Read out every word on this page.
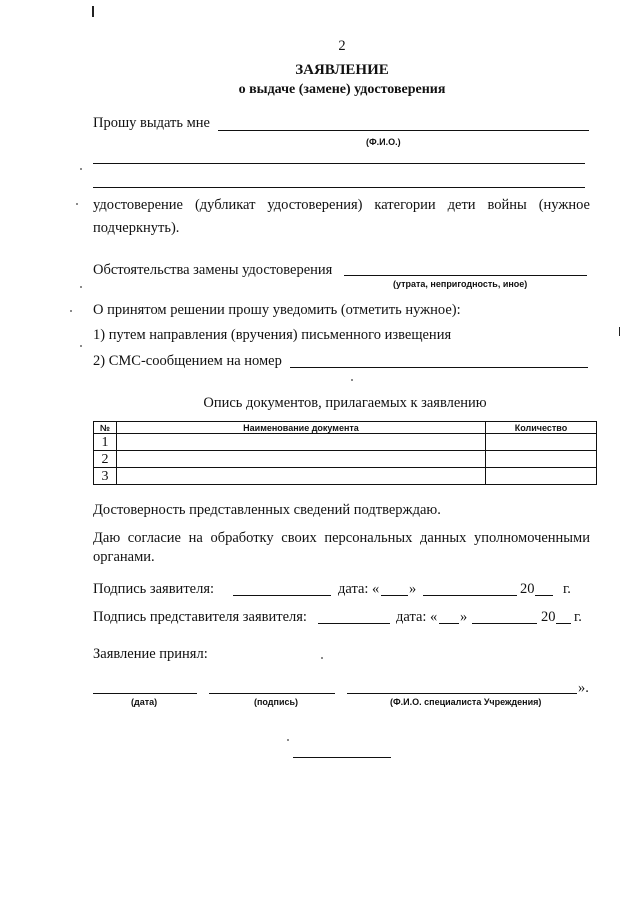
2
ЗАЯВЛЕНИЕ
о выдаче (замене) удостоверения
Прошу выдать мне
(Ф.И.О.)
удостоверение (дубликат удостоверения) категории дети войны (нужное
подчеркнуть).
Обстоятельства замены удостоверения
(утрата, непригодность, иное)
О принятом решении прошу уведомить (отметить нужное):
1) путем направления (вручения) письменного извещения
2) СМС-сообщением на номер
Опись документов, прилагаемых к заявлению
№	Наименование документа	Количество
1		
2		
3		
Достоверность представленных сведений подтверждаю.
Даю согласие на обработку своих персональных данных уполномоченными
органами.
Подпись заявителя:	дата: « »	20 г.
Подпись представителя заявителя:	дата: « »	20 г.
Заявление принял:
».
(дата)	(подпись)	(Ф.И.О. специалиста Учреждения)
